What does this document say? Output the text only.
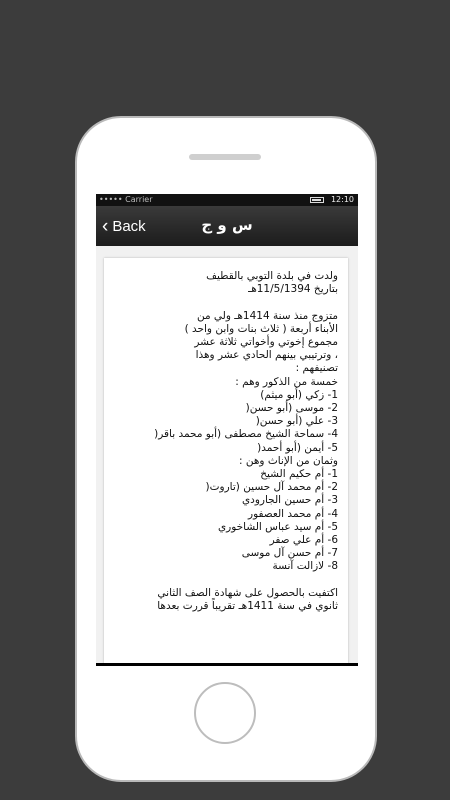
••••• Carrier	12:10
‹ Back	س و ج

ولدت في بلدة التوبي بالقطيف
بتاريخ 11/5/1394هـ

متزوج منذ سنة 1414هـ ولي من
الأبناء أربعة ( ثلاث بنات وابن واحد )
مجموع إخوتي وأخواتي ثلاثة عشر
، وترتيبي بينهم الحادي عشر وهذا
تصنيفهم :
خمسة من الذكور وهم :
1- زكي (أبو ميثم)
2- موسى (أبو حسن(
3- علي (أبو حسن(
4- سماحة الشيخ مصطفى (أبو محمد باقر(
5- أيمن (أبو أحمد(
وثمان من الإناث وهن :
1- أم حكيم الشيخ
2- أم محمد آل حسين (تاروت(
3- أم حسين الجارودي
4- أم محمد العصفور
5- أم سيد عباس الشاخوري
6- أم علي صفر
7- أم حسن آل موسى
8- لازالت آنسة

اكتفيت بالحصول على شهادة الصف الثاني
ثانوي في سنة 1411هـ تقريباً قررت بعدها
